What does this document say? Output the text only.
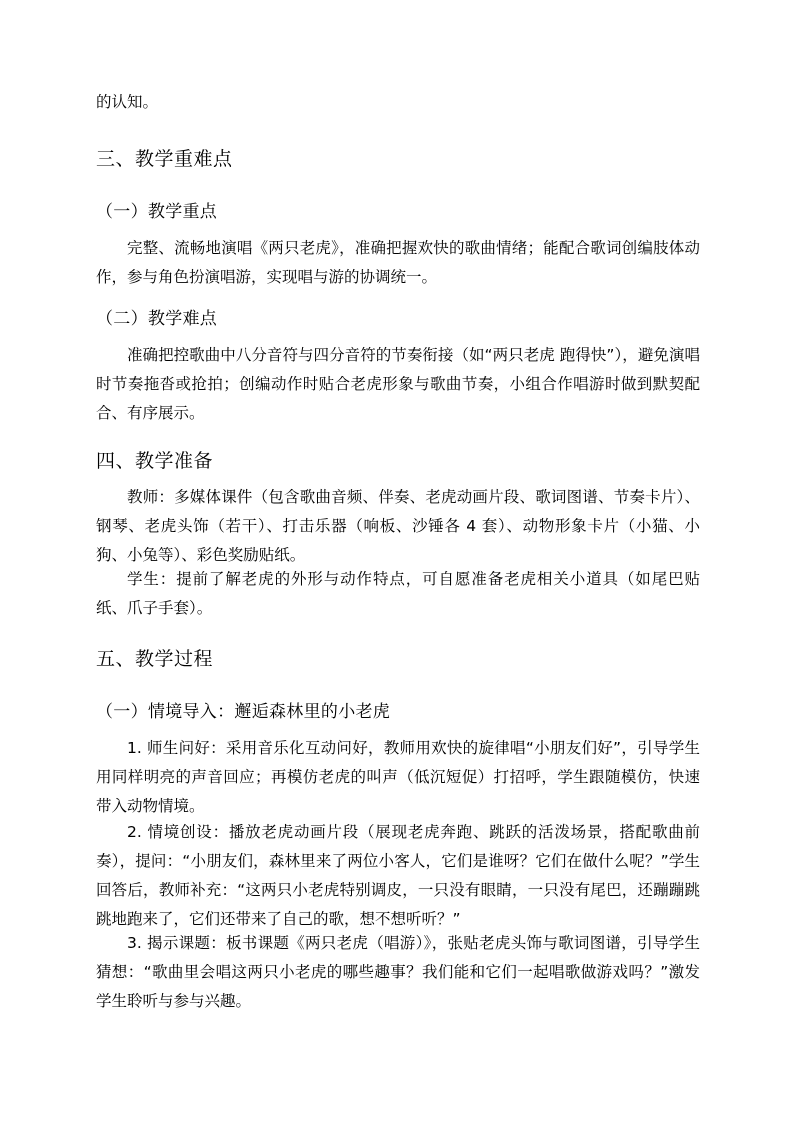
的认知。

三、教学重难点
（一）教学重点

完整、流畅地演唱《两只老虎》，准确把握欢快的歌曲情绪；能配合歌词创编肢体动作，参与角色扮演唱游，实现唱与游的协调统一。

（二）教学难点

准确把控歌曲中八分音符与四分音符的节奏衔接（如“两只老虎 跑得快”），避免演唱时节奏拖沓或抢拍；创编动作时贴合老虎形象与歌曲节奏，小组合作唱游时做到默契配合、有序展示。

四、教学准备

教师：多媒体课件（包含歌曲音频、伴奏、老虎动画片段、歌词图谱、节奏卡片）、钢琴、老虎头饰（若干）、打击乐器（响板、沙锤各 4 套）、动物形象卡片（小猫、小狗、小兔等）、彩色奖励贴纸。

学生：提前了解老虎的外形与动作特点，可自愿准备老虎相关小道具（如尾巴贴纸、爪子手套）。

五、教学过程
（一）情境导入：邂逅森林里的小老虎

1. 师生问好：采用音乐化互动问好，教师用欢快的旋律唱“小朋友们好”，引导学生用同样明亮的声音回应；再模仿老虎的叫声（低沉短促）打招呼，学生跟随模仿，快速带入动物情境。

2. 情境创设：播放老虎动画片段（展现老虎奔跑、跳跃的活泼场景，搭配歌曲前奏），提问：“小朋友们，森林里来了两位小客人，它们是谁呀？它们在做什么呢？”学生回答后，教师补充：“这两只小老虎特别调皮，一只没有眼睛，一只没有尾巴，还蹦蹦跳跳地跑来了，它们还带来了自己的歌，想不想听听？”

3. 揭示课题：板书课题《两只老虎（唱游）》，张贴老虎头饰与歌词图谱，引导学生猜想：“歌曲里会唱这两只小老虎的哪些趣事？我们能和它们一起唱歌做游戏吗？”激发学生聆听与参与兴趣。
